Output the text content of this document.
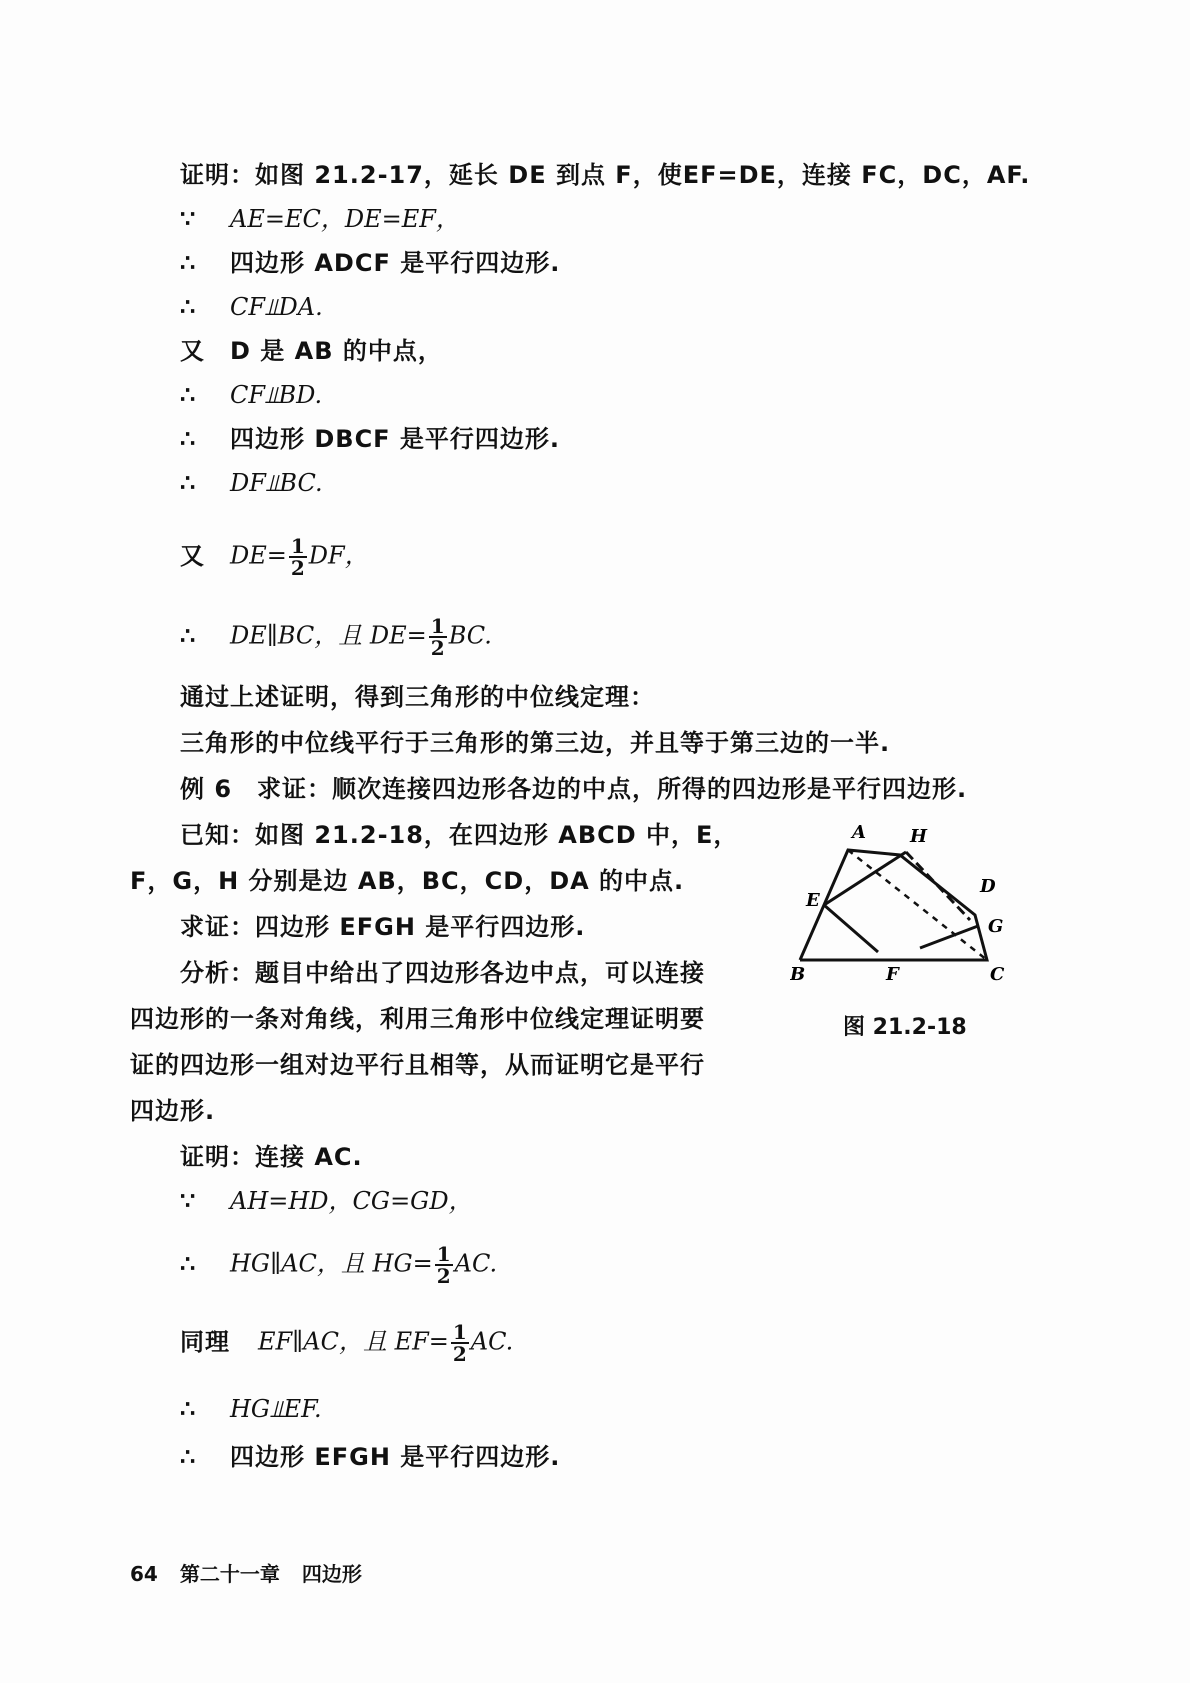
证明：如图 21.2-17，延长 DE 到点 F，使EF=DE，连接 FC，DC，AF.
∵ AE=EC，DE=EF，
∴ 四边形 ADCF 是平行四边形.
∴ CF⫫DA.
又 D 是 AB 的中点，
∴ CF⫫BD.
∴ 四边形 DBCF 是平行四边形.
∴ DF⫫BC.
又 $DE= \frac{1}{2}$ DF，
∴ DE∥BC，且 $DE= \frac{1}{2}$ BC.
通过上述证明，得到三角形的中位线定理：
三角形的中位线平行于三角形的第三边，并且等于第三边的一半.
例 6　求证：顺次连接四边形各边的中点，所得的四边形是平行四边形.
已知：如图 21.2-18，在四边形 ABCD 中，E，
F，G，H 分别是边 AB，BC，CD，DA 的中点.
求证：四边形 EFGH 是平行四边形.
分析：题目中给出了四边形各边中点，可以连接
四边形的一条对角线，利用三角形中位线定理证明要
证的四边形一组对边平行且相等，从而证明它是平行
四边形.
A H
D
E
G
B	F	C
图 21.2-18
证明：连接 AC.
∵ AH=HD，CG=GD，
∴ HG∥AC，且 $HG= \frac{1}{2}$ AC.
同理 EF∥AC，且 $EF= \frac{1}{2}$ AC.
∴ HG⫫EF.
∴ 四边形 EFGH 是平行四边形.
64 第二十一章 四边形
